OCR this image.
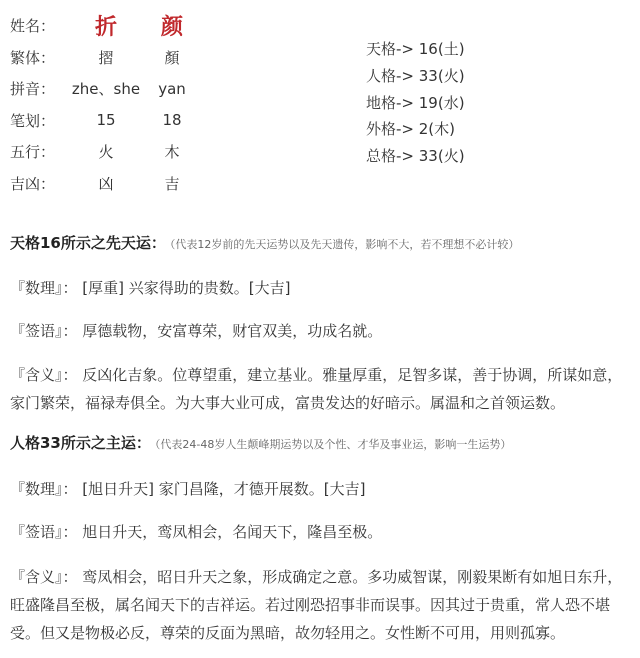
姓名：	折	颜
繁体：	摺	顏
拼音：	zhe、she	yan
笔划：	15	18
五行：	火	木
吉凶：	凶	吉
天格-> 16(土)
人格-> 33(火)
地格-> 19(水)
外格-> 2(木)
总格-> 33(火)
天格16所示之先天运： （代表12岁前的先天运势以及先天遗传，影响不大，若不理想不必计较）
『数理』： [厚重] 兴家得助的贵数。[大吉]
『签语』： 厚德载物，安富尊荣，财官双美，功成名就。
『含义』： 反凶化吉象。位尊望重，建立基业。雅量厚重，足智多谋，善于协调，所谋如意，家门繁荣，福禄寿俱全。为大事大业可成，富贵发达的好暗示。属温和之首领运数。
人格33所示之主运： （代表24-48岁人生颠峰期运势以及个性、才华及事业运，影响一生运势）
『数理』： [旭日升天] 家门昌隆，才德开展数。[大吉]
『签语』： 旭日升天，鸾凤相会，名闻天下，隆昌至极。
『含义』： 鸾凤相会，昭日升天之象，形成确定之意。多功威智谋，刚毅果断有如旭日东升，旺盛隆昌至极，属名闻天下的吉祥运。若过刚恐招事非而误事。因其过于贵重，常人恐不堪受。但又是物极必反，尊荣的反面为黑暗，故勿轻用之。女性断不可用，用则孤寡。
